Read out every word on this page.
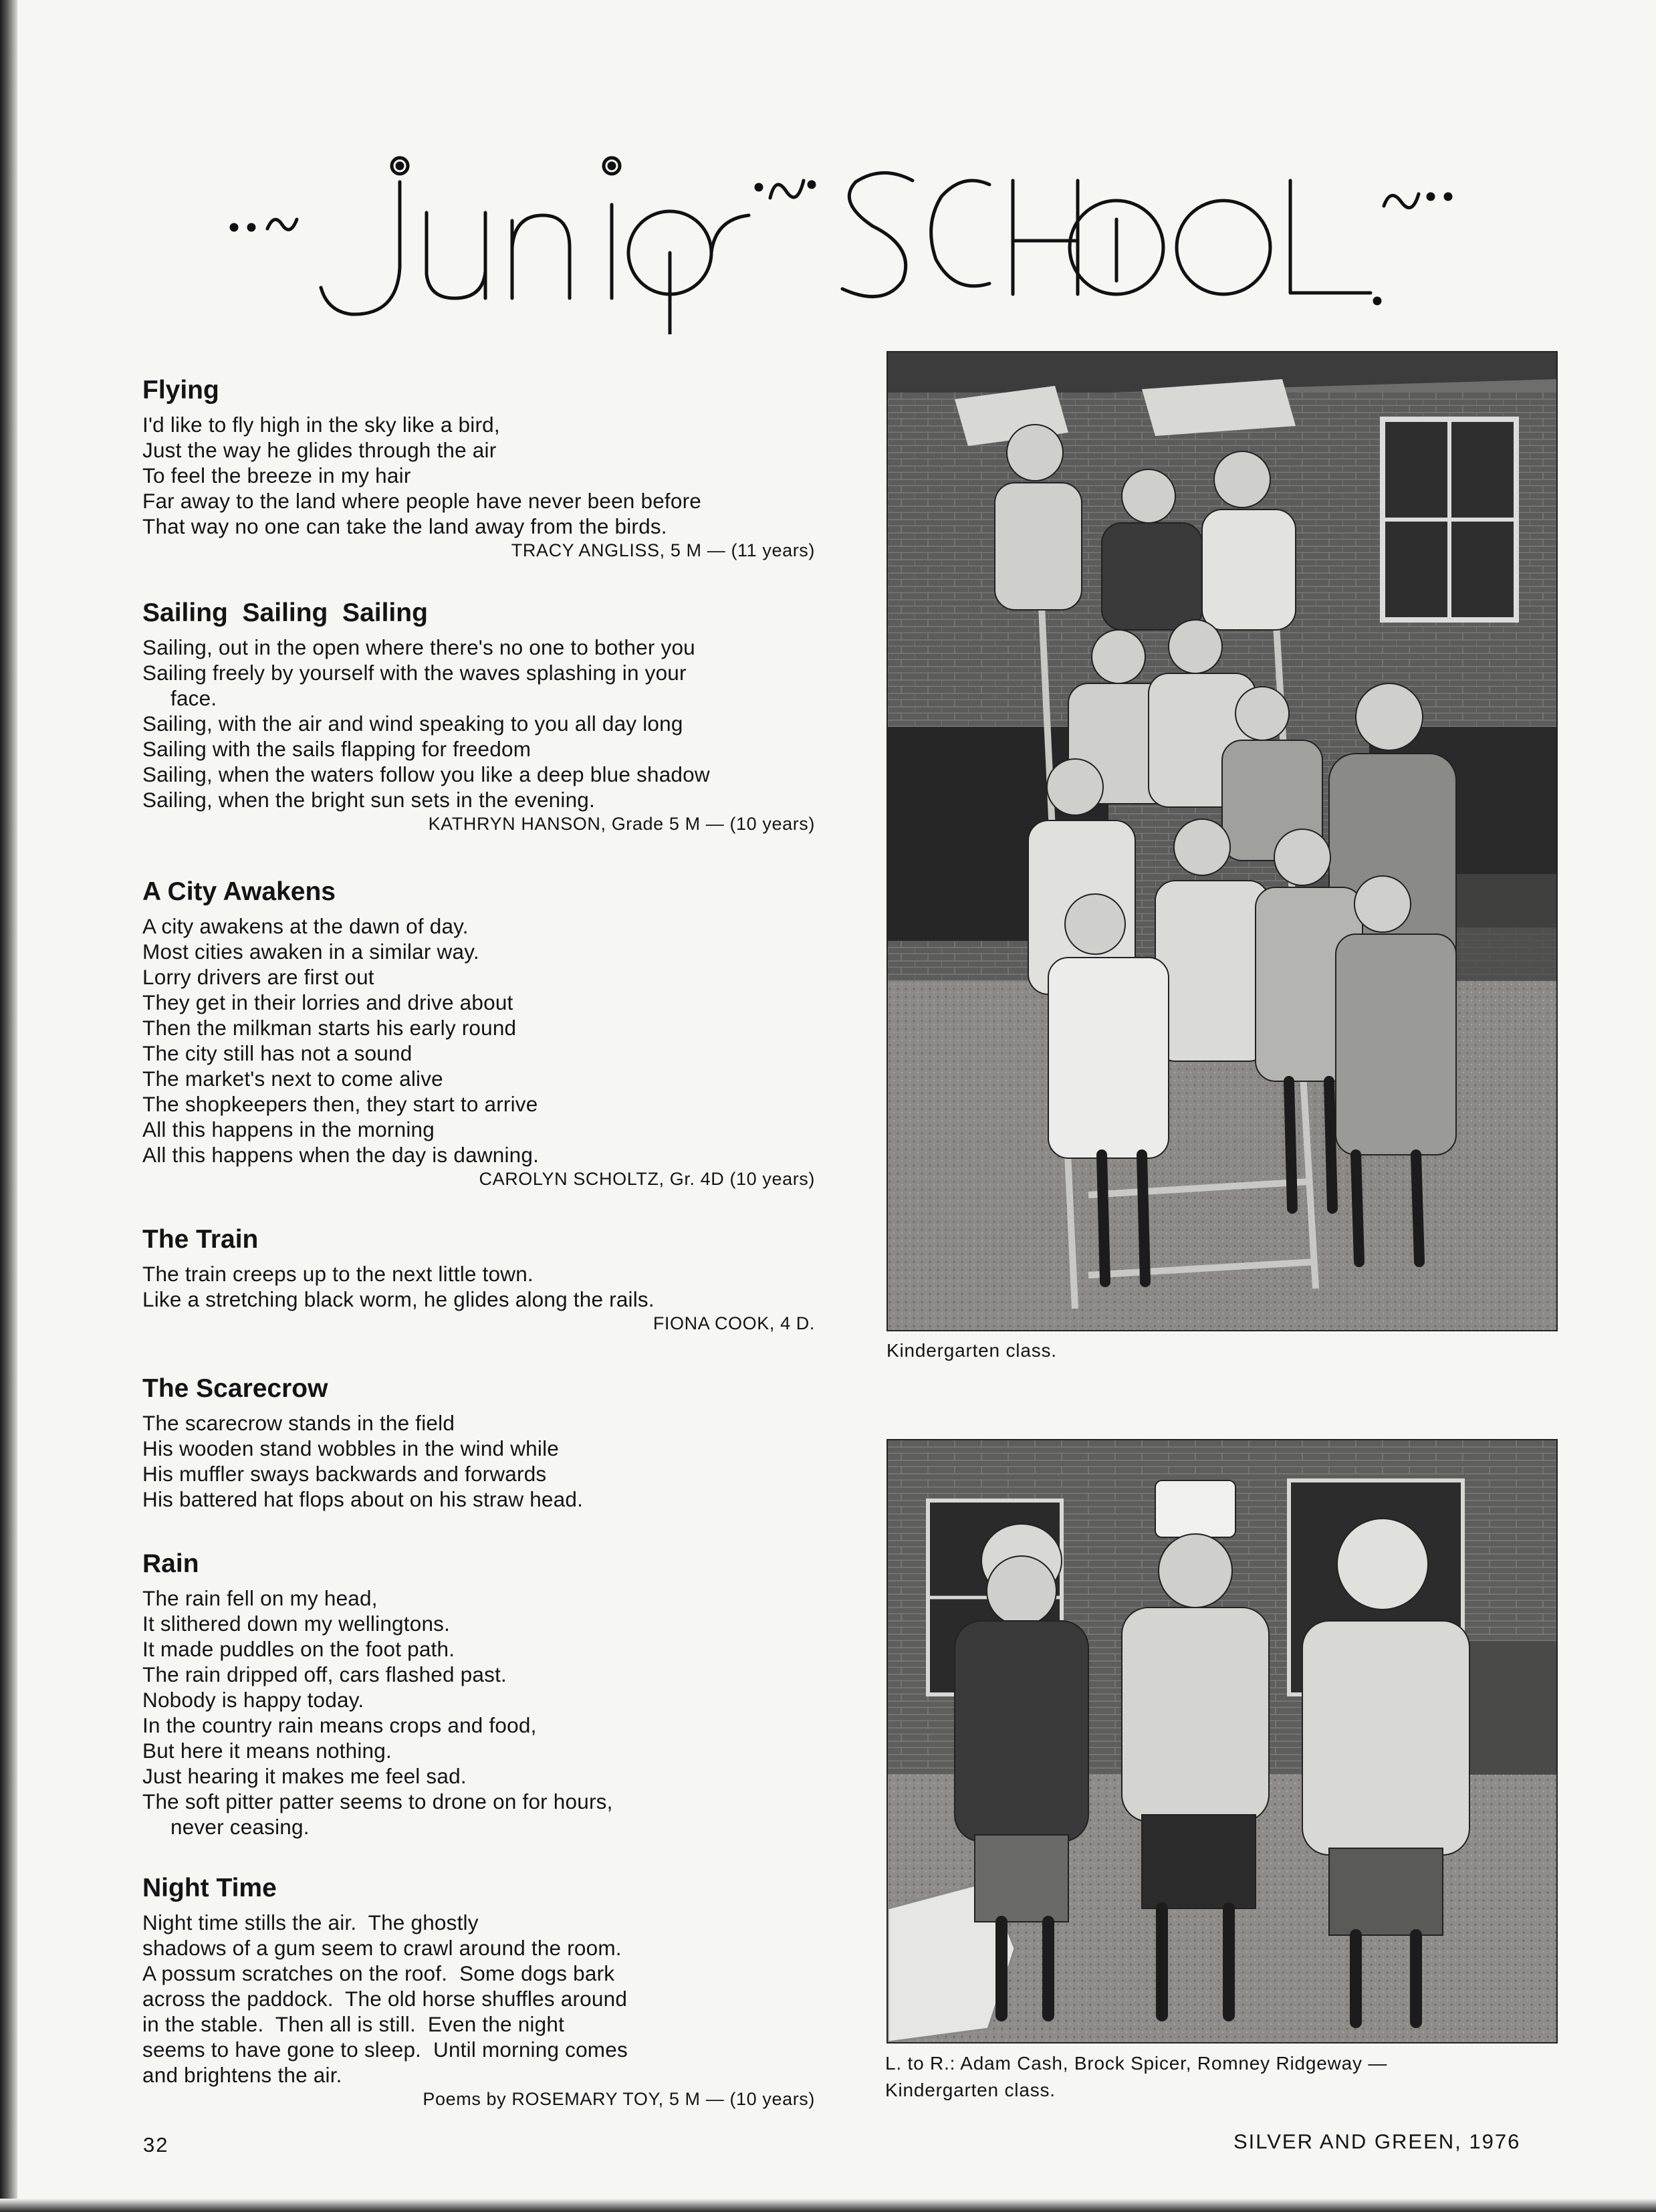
Flying
I'd like to fly high in the sky like a bird,
Just the way he glides through the air
To feel the breeze in my hair
Far away to the land where people have never been before
That way no one can take the land away from the birds.
TRACY ANGLISS, 5 M — (11 years)
Sailing  Sailing  Sailing
Sailing, out in the open where there's no one to bother you
Sailing freely by yourself with the waves splashing in your
face.
Sailing, with the air and wind speaking to you all day long
Sailing with the sails flapping for freedom
Sailing, when the waters follow you like a deep blue shadow
Sailing, when the bright sun sets in the evening.
KATHRYN HANSON, Grade 5 M — (10 years)
A City Awakens
A city awakens at the dawn of day.
Most cities awaken in a similar way.
Lorry drivers are first out
They get in their lorries and drive about
Then the milkman starts his early round
The city still has not a sound
The market's next to come alive
The shopkeepers then, they start to arrive
All this happens in the morning
All this happens when the day is dawning.
CAROLYN SCHOLTZ, Gr. 4D (10 years)
The Train
The train creeps up to the next little town.
Like a stretching black worm, he glides along the rails.
FIONA COOK, 4 D.
The Scarecrow
The scarecrow stands in the field
His wooden stand wobbles in the wind while
His muffler sways backwards and forwards
His battered hat flops about on his straw head.
Rain
The rain fell on my head,
It slithered down my wellingtons.
It made puddles on the foot path.
The rain dripped off, cars flashed past.
Nobody is happy today.
In the country rain means crops and food,
But here it means nothing.
Just hearing it makes me feel sad.
The soft pitter patter seems to drone on for hours,
never ceasing.
Night Time
Night time stills the air.  The ghostly
shadows of a gum seem to crawl around the room.
A possum scratches on the roof.  Some dogs bark
across the paddock.  The old horse shuffles around
in the stable.  Then all is still.  Even the night
seems to have gone to sleep.  Until morning comes
and brightens the air.
Poems by ROSEMARY TOY, 5 M — (10 years)
Kindergarten class.
L. to R.: Adam Cash, Brock Spicer, Romney Ridgeway —
Kindergarten class.
32	SILVER AND GREEN, 1976
